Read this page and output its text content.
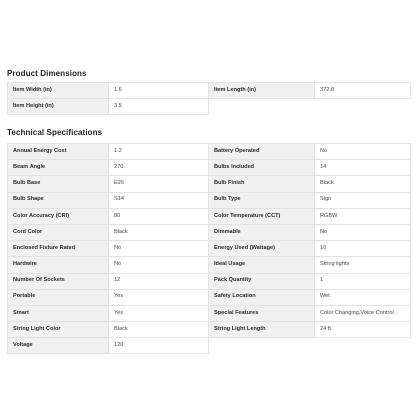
Product Dimensions
Item Width (in)	1.6	Item Length (in)	372.8
Item Height (in)	3.5		
Technical Specifications
Annual Energy Cost	1.2	Battery Operated	No
Beam Angle	270	Bulbs Included	14
Bulb Base	E26	Bulb Finish	Black
Bulb Shape	S14	Bulb Type	Sign
Color Accuracy (CRI)	80	Color Temperature (CCT)	RGBW
Cord Color	Black	Dimmable	No
Enclosed Fixture Rated	No	Energy Used (Wattage)	10
Hardwire	No	Ideal Usage	String lights
Number Of Sockets	12	Pack Quantity	1
Portable	Yes	Safety Location	Wet
Smart	Yes	Special Features	Color Changing,Voice Control
String Light Color	Black	String Light Length	24 ft.
Voltage	120		
